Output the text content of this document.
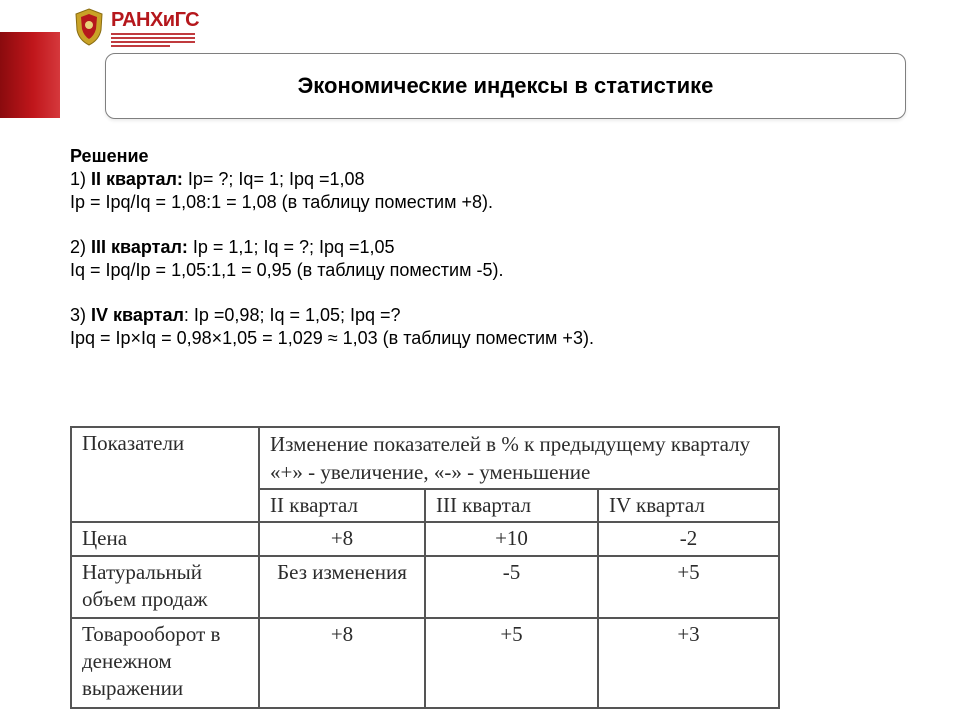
РАНХиГС
Экономические индексы в статистике
Решение
1) II квартал: Ip= ?; Iq= 1; Ipq =1,08
Ip = Ipq/Iq = 1,08:1 = 1,08 (в таблицу поместим +8).
2) III квартал: Ip = 1,1; Iq = ?; Ipq =1,05
Iq = Ipq/Ip = 1,05:1,1 = 0,95 (в таблицу поместим -5).
3) IV квартал: Ip =0,98; Iq = 1,05; Ipq =?
Ipq = Ip×Iq = 0,98×1,05 = 1,029 ≈ 1,03 (в таблицу поместим +3).
Показатели	Изменение показателей в % к предыдущему кварталу «+» - увеличение, «-» - уменьшение		
	II квартал	III квартал	IV квартал
Цена	+8	+10	-2
Натуральный объем продаж	Без изменения	-5	+5
Товарооборот в денежном выражении	+8	+5	+3
